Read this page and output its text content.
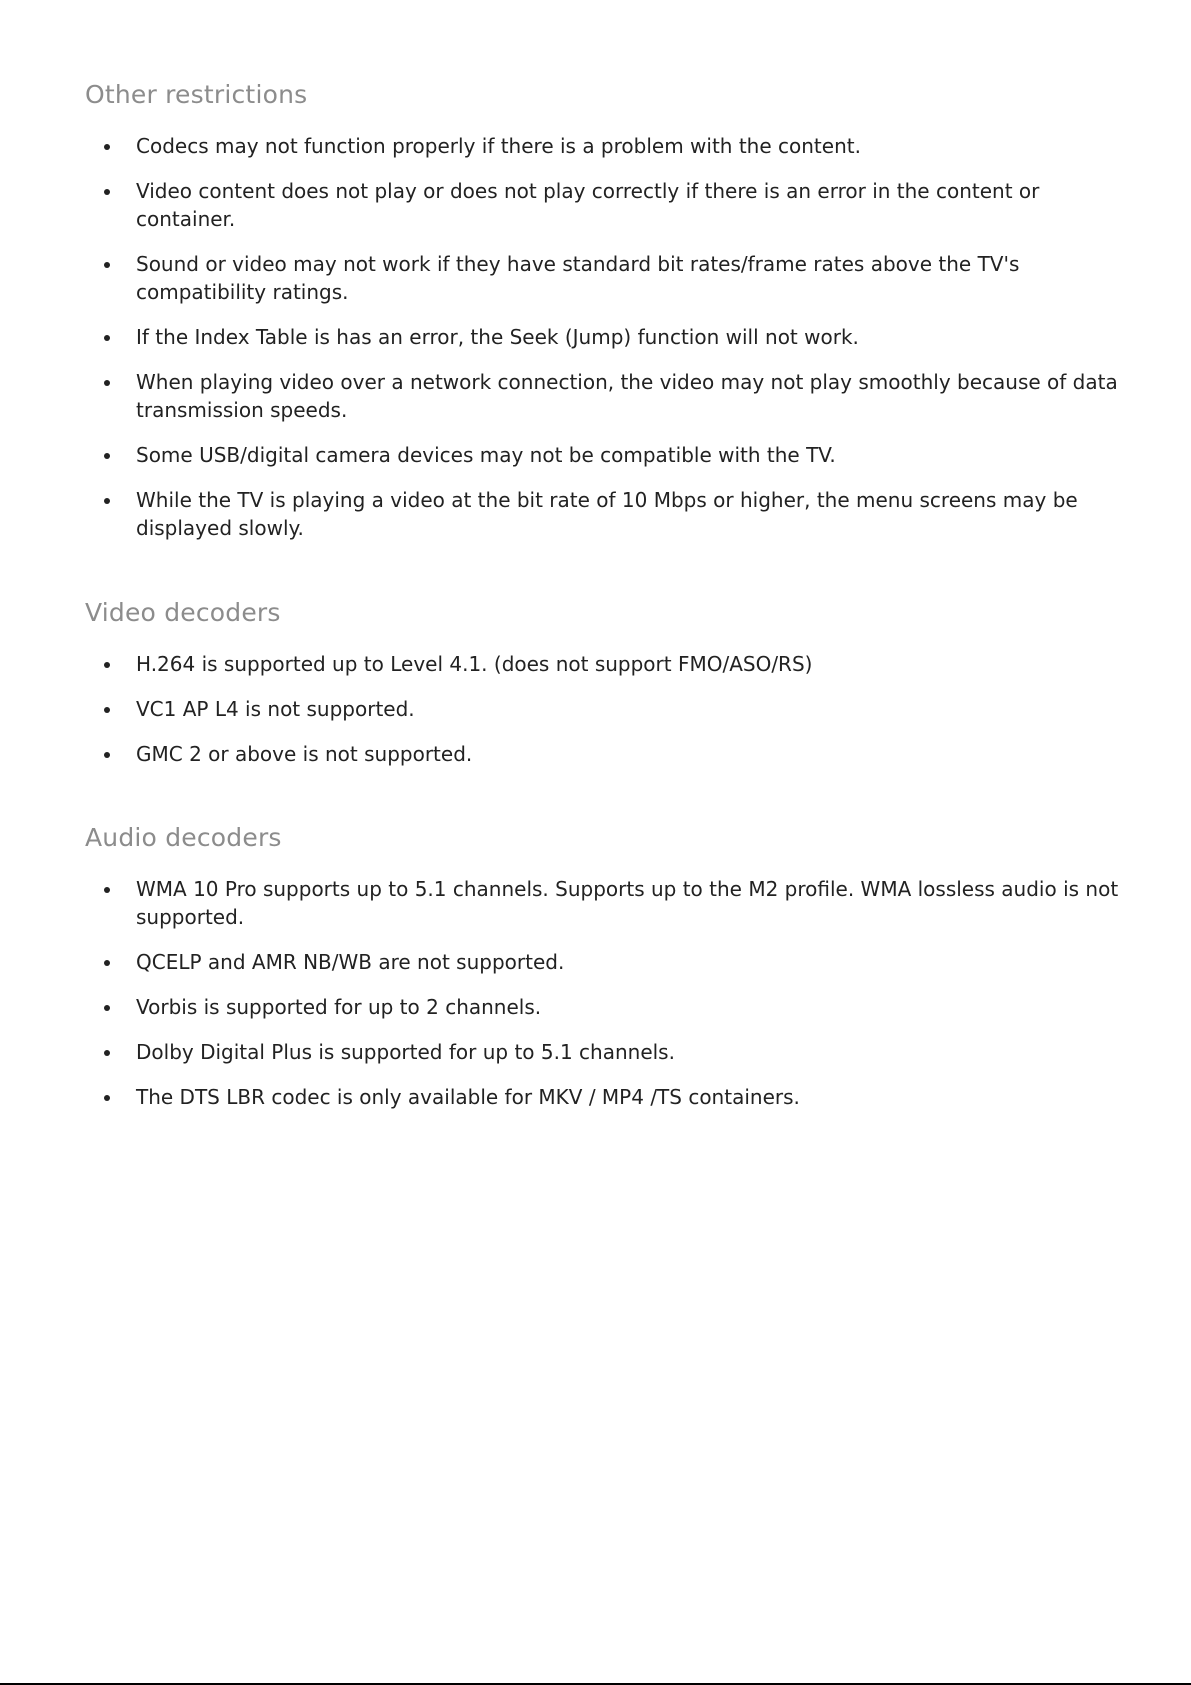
Other restrictions
Codecs may not function properly if there is a problem with the content.
Video content does not play or does not play correctly if there is an error in the content or container.
Sound or video may not work if they have standard bit rates/frame rates above the TV's compatibility ratings.
If the Index Table is has an error, the Seek (Jump) function will not work.
When playing video over a network connection, the video may not play smoothly because of data transmission speeds.
Some USB/digital camera devices may not be compatible with the TV.
While the TV is playing a video at the bit rate of 10 Mbps or higher, the menu screens may be displayed slowly.
Video decoders
H.264 is supported up to Level 4.1. (does not support FMO/ASO/RS)
VC1 AP L4 is not supported.
GMC 2 or above is not supported.
Audio decoders
WMA 10 Pro supports up to 5.1 channels. Supports up to the M2 profile. WMA lossless audio is not supported.
QCELP and AMR NB/WB are not supported.
Vorbis is supported for up to 2 channels.
Dolby Digital Plus is supported for up to 5.1 channels.
The DTS LBR codec is only available for MKV / MP4 /TS containers.
